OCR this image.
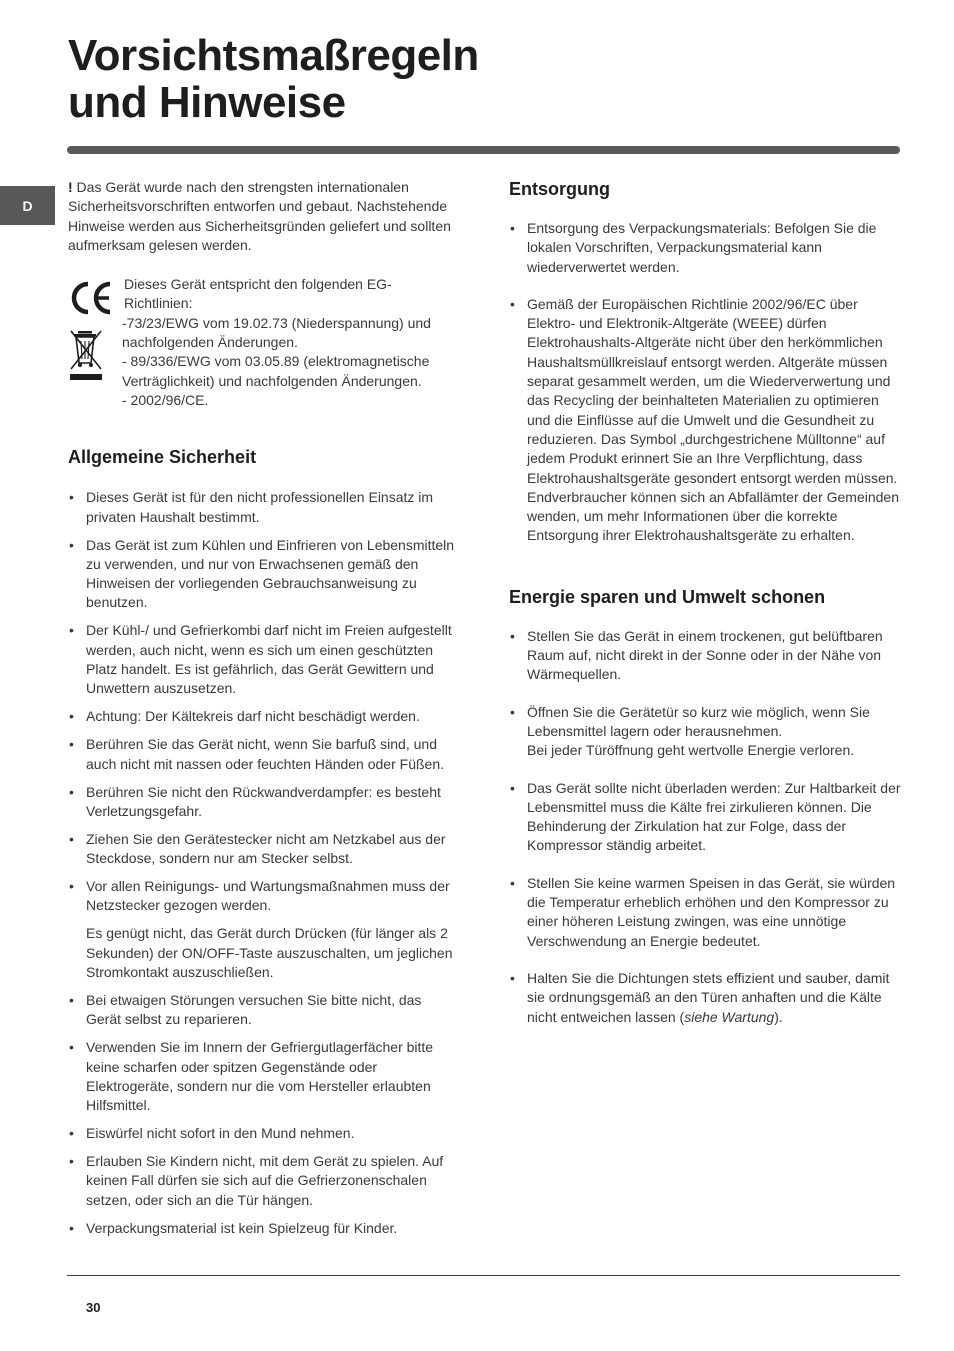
Vorsichtsmaßregeln
und Hinweise
D

! Das Gerät wurde nach den strengsten internationalen Sicherheitsvorschriften entworfen und gebaut. Nachstehende Hinweise werden aus Sicherheitsgründen geliefert und sollten aufmerksam gelesen werden.

Dieses Gerät entspricht den folgenden EG-
Richtlinien:
-73/23/EWG vom 19.02.73 (Niederspannung) und
nachfolgenden Änderungen.
- 89/336/EWG vom 03.05.89 (elektromagnetische
Verträglichkeit) und nachfolgenden Änderungen.
- 2002/96/CE.
Allgemeine Sicherheit
• Dieses Gerät ist für den nicht professionellen Einsatz im privaten Haushalt bestimmt.
• Das Gerät ist zum Kühlen und Einfrieren von Lebensmitteln zu verwenden, und nur von Erwachsenen gemäß den Hinweisen der vorliegenden Gebrauchsanweisung zu benutzen.
• Der Kühl-/ und Gefrierkombi darf nicht im Freien aufgestellt werden, auch nicht, wenn es sich um einen geschützten Platz handelt. Es ist gefährlich, das Gerät Gewittern und Unwettern auszusetzen.
• Achtung: Der Kältekreis darf nicht beschädigt werden.
• Berühren Sie das Gerät nicht, wenn Sie barfuß sind, und auch nicht mit nassen oder feuchten Händen oder Füßen.
• Berühren Sie nicht den Rückwandverdampfer: es besteht Verletzungsgefahr.
• Ziehen Sie den Gerätestecker nicht am Netzkabel aus der Steckdose, sondern nur am Stecker selbst.
• Vor allen Reinigungs- und Wartungsmaßnahmen muss der Netzstecker gezogen werden.

Es genügt nicht, das Gerät durch Drücken (für länger als 2 Sekunden) der ON/OFF-Taste auszuschalten, um jeglichen Stromkontakt auszuschließen.

• Bei etwaigen Störungen versuchen Sie bitte nicht, das Gerät selbst zu reparieren.
• Verwenden Sie im Innern der Gefriergutlagerfächer bitte keine scharfen oder spitzen Gegenstände oder Elektrogeräte, sondern nur die vom Hersteller erlaubten Hilfsmittel.
• Eiswürfel nicht sofort in den Mund nehmen.
• Erlauben Sie Kindern nicht, mit dem Gerät zu spielen. Auf keinen Fall dürfen sie sich auf die Gefrierzonenschalen setzen, oder sich an die Tür hängen.
• Verpackungsmaterial ist kein Spielzeug für Kinder.
Entsorgung
• Entsorgung des Verpackungsmaterials: Befolgen Sie die lokalen Vorschriften, Verpackungsmaterial kann wiederverwertet werden.
• Gemäß der Europäischen Richtlinie 2002/96/EC über Elektro- und Elektronik-Altgeräte (WEEE) dürfen Elektrohaushalts-Altgeräte nicht über den herkömmlichen Haushaltsmüllkreislauf entsorgt werden. Altgeräte müssen separat gesammelt werden, um die Wiederverwertung und das Recycling der beinhalteten Materialien zu optimieren und die Einflüsse auf die Umwelt und die Gesundheit zu reduzieren. Das Symbol „durchgestrichene Mülltonne“ auf jedem Produkt erinnert Sie an Ihre Verpflichtung, dass Elektrohaushaltsgeräte gesondert entsorgt werden müssen.
Endverbraucher können sich an Abfallämter der Gemeinden wenden, um mehr Informationen über die korrekte Entsorgung ihrer Elektrohaushaltsgeräte zu erhalten.
Energie sparen und Umwelt schonen
• Stellen Sie das Gerät in einem trockenen, gut belüftbaren Raum auf, nicht direkt in der Sonne oder in der Nähe von Wärmequellen.
• Öffnen Sie die Gerätetür so kurz wie möglich, wenn Sie Lebensmittel lagern oder herausnehmen.
Bei jeder Türöffnung geht wertvolle Energie verloren.
• Das Gerät sollte nicht überladen werden: Zur Haltbarkeit der Lebensmittel muss die Kälte frei zirkulieren können. Die Behinderung der Zirkulation hat zur Folge, dass der Kompressor ständig arbeitet.
• Stellen Sie keine warmen Speisen in das Gerät, sie würden die Temperatur erheblich erhöhen und den Kompressor zu einer höheren Leistung zwingen, was eine unnötige Verschwendung an Energie bedeutet.
• Halten Sie die Dichtungen stets effizient und sauber, damit sie ordnungsgemäß an den Türen anhaften und die Kälte nicht entweichen lassen (siehe Wartung).
30
